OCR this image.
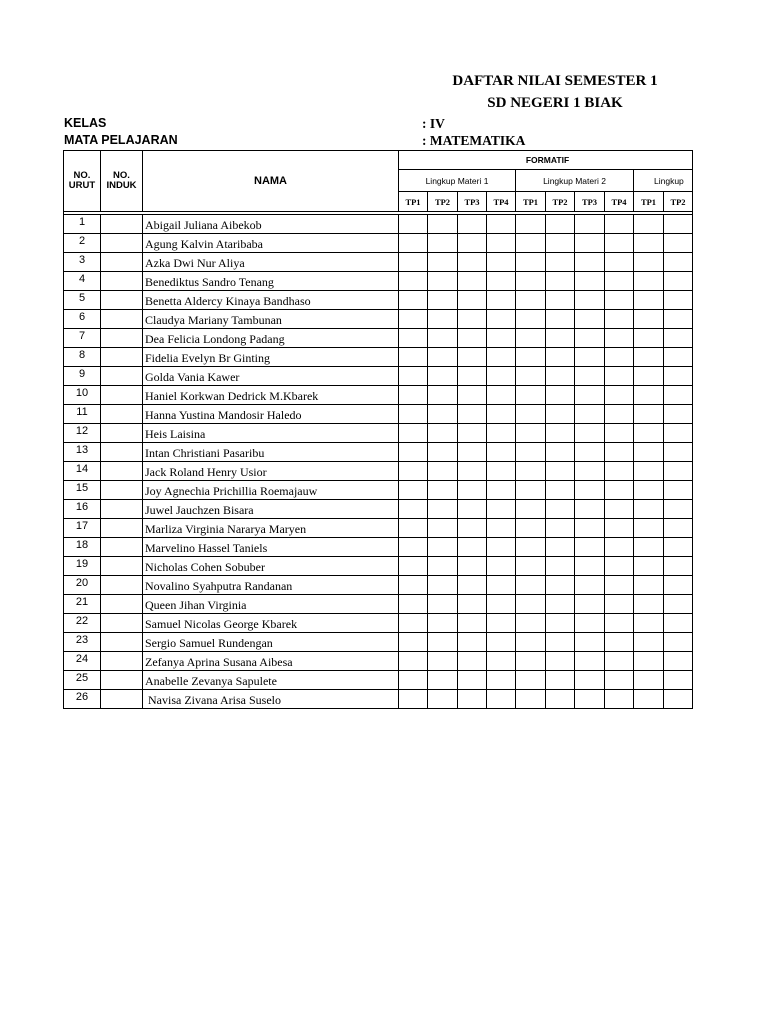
DAFTAR NILAI SEMESTER 1
SD NEGERI 1 BIAK
KELAS
MATA PELAJARAN
: IV
: MATEMATIKA
NO. URUT	NO. INDUK	NAMA	FORMATIF									
			Lingkup Materi 1				Lingkup Materi 2				Lingkup	
			TP1	TP2	TP3	TP4	TP1	TP2	TP3	TP4	TP1	TP2

1		Abigail Juliana Aibekob										
2		Agung Kalvin Ataribaba										
3		Azka Dwi Nur Aliya										
4		Benediktus Sandro Tenang										
5		Benetta Aldercy Kinaya Bandhaso										
6		Claudya Mariany Tambunan										
7		Dea Felicia Londong Padang										
8		Fidelia Evelyn Br Ginting										
9		Golda Vania Kawer										
10		Haniel Korkwan Dedrick M.Kbarek										
11		Hanna Yustina Mandosir Haledo										
12		Heis Laisina										
13		Intan Christiani Pasaribu										
14		Jack Roland Henry Usior										
15		Joy Agnechia Prichillia Roemajauw										
16		Juwel Jauchzen Bisara										
17		Marliza Virginia Nararya Maryen										
18		Marvelino Hassel Taniels										
19		Nicholas Cohen Sobuber										
20		Novalino Syahputra Randanan										
21		Queen Jihan Virginia										
22		Samuel Nicolas George Kbarek										
23		Sergio Samuel Rundengan										
24		Zefanya Aprina Susana Aibesa										
25		Anabelle Zevanya Sapulete										
26		Navisa Zivana Arisa Suselo										
